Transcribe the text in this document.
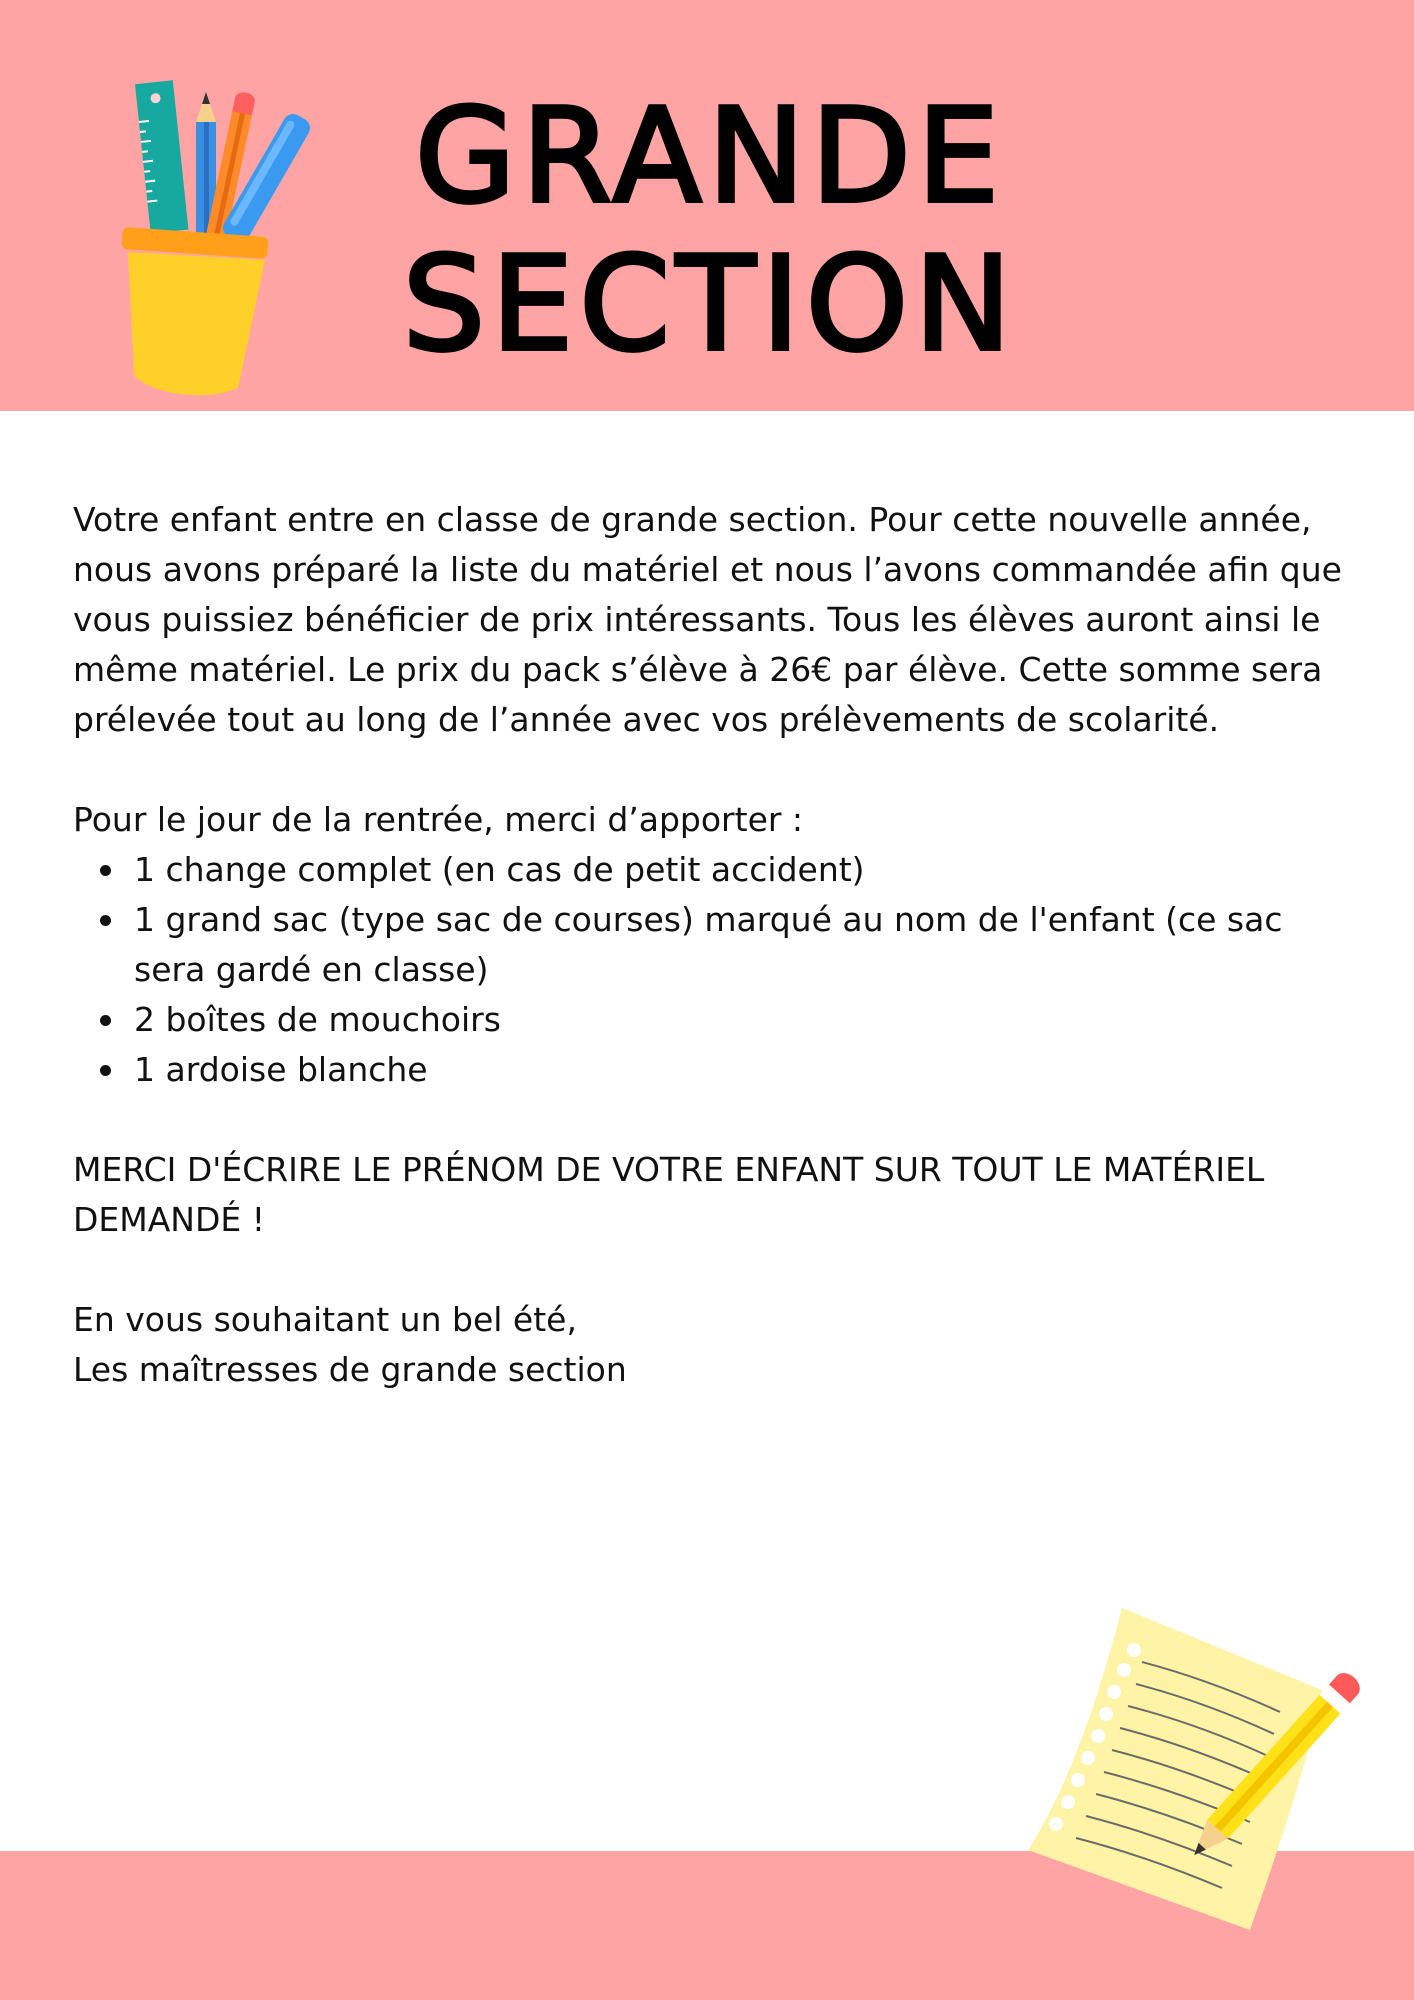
GRANDE
SECTION

Votre enfant entre en classe de grande section. Pour cette nouvelle année, nous avons préparé la liste du matériel et nous l’avons commandée afin que vous puissiez bénéficier de prix intéressants. Tous les élèves auront ainsi le même matériel. Le prix du pack s’élève à 26€ par élève. Cette somme sera prélevée tout au long de l’année avec vos prélèvements de scolarité.

Pour le jour de la rentrée, merci d’apporter :

1 change complet (en cas de petit accident)
1 grand sac (type sac de courses) marqué au nom de l'enfant (ce sac sera gardé en classe)
2 boîtes de mouchoirs
1 ardoise blanche

MERCI D'ÉCRIRE LE PRÉNOM DE VOTRE ENFANT SUR TOUT LE MATÉRIEL DEMANDÉ !

En vous souhaitant un bel été,

Les maîtresses de grande section
